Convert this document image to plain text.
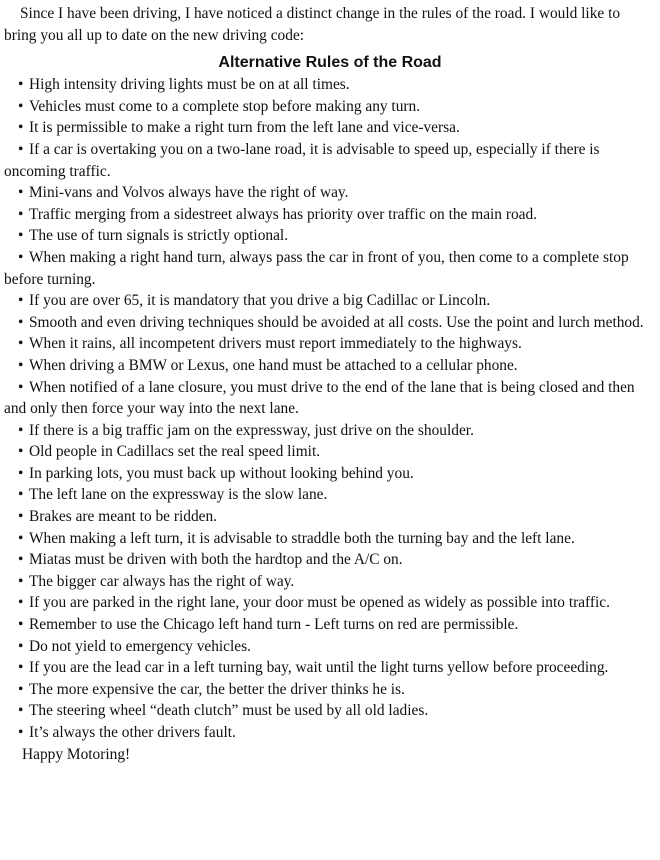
Since I have been driving, I have noticed a distinct change in the rules of the road. I would like to bring you all up to date on the new driving code:

Alternative Rules of the Road
• High intensity driving lights must be on at all times.
• Vehicles must come to a complete stop before making any turn.
• It is permissible to make a right turn from the left lane and vice-versa.
• If a car is overtaking you on a two-lane road, it is advisable to speed up, especially if there is oncoming traffic.
• Mini-vans and Volvos always have the right of way.
• Traffic merging from a sidestreet always has priority over traffic on the main road.
• The use of turn signals is strictly optional.
• When making a right hand turn, always pass the car in front of you, then come to a complete stop before turning.
• If you are over 65, it is mandatory that you drive a big Cadillac or Lincoln.
• Smooth and even driving techniques should be avoided at all costs. Use the point and lurch method.
• When it rains, all incompetent drivers must report immediately to the highways.
• When driving a BMW or Lexus, one hand must be attached to a cellular phone.
• When notified of a lane closure, you must drive to the end of the lane that is being closed and then and only then force your way into the next lane.
• If there is a big traffic jam on the expressway, just drive on the shoulder.
• Old people in Cadillacs set the real speed limit.
• In parking lots, you must back up without looking behind you.
• The left lane on the expressway is the slow lane.
• Brakes are meant to be ridden.
• When making a left turn, it is advisable to straddle both the turning bay and the left lane.
• Miatas must be driven with both the hardtop and the A/C on.
• The bigger car always has the right of way.
• If you are parked in the right lane, your door must be opened as widely as possible into traffic.
• Remember to use the Chicago left hand turn - Left turns on red are permissible.
• Do not yield to emergency vehicles.
• If you are the lead car in a left turning bay, wait until the light turns yellow before proceeding.
• The more expensive the car, the better the driver thinks he is.
• The steering wheel “death clutch” must be used by all old ladies.
• It’s always the other drivers fault.

Happy Motoring!
